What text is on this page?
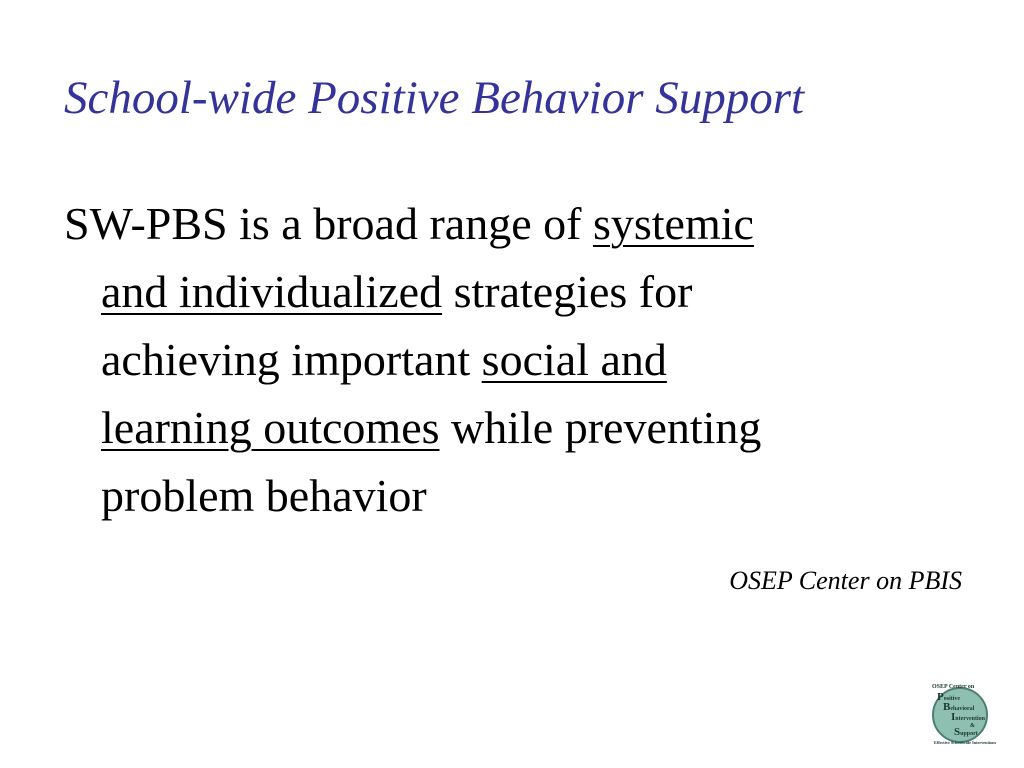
School-wide Positive Behavior Support
SW-PBS is a broad range of systemic
and individualized strategies for
achieving important social and
learning outcomes while preventing
problem behavior
OSEP Center on PBIS
OSEP Center on
Positive
Behavioral
Intervention
&
Support
Effective Schoolwide Interventions
